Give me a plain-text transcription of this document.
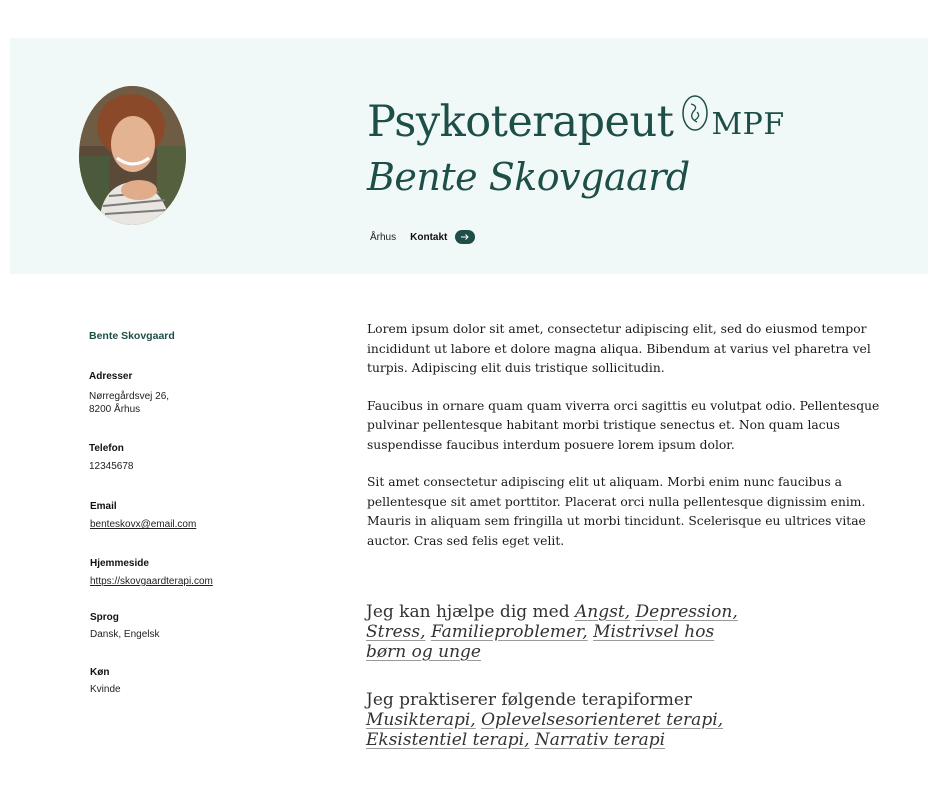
Psykoterapeut MPF
Bente Skovgaard
Århus Kontakt
Bente Skovgaard
Adresser
Nørregårdsvej 26,
8200 Århus
Telefon
12345678
Email
benteskovx@email.com
Hjemmeside
https://skovgaardterapi.com
Sprog
Dansk, Engelsk
Køn
Kvinde

Lorem ipsum dolor sit amet, consectetur adipiscing elit, sed do eiusmod tempor incididunt ut labore et dolore magna aliqua. Bibendum at varius vel pharetra vel turpis. Adipiscing elit duis tristique sollicitudin.

Faucibus in ornare quam quam viverra orci sagittis eu volutpat odio. Pellentesque pulvinar pellentesque habitant morbi tristique senectus et. Non quam lacus suspendisse faucibus interdum posuere lorem ipsum dolor.

Sit amet consectetur adipiscing elit ut aliquam. Morbi enim nunc faucibus a pellentesque sit amet porttitor. Placerat orci nulla pellentesque dignissim enim. Mauris in aliquam sem fringilla ut morbi tincidunt. Scelerisque eu ultrices vitae auctor. Cras sed felis eget velit.

Jeg kan hjælpe dig med Angst, Depression, Stress, Familieproblemer, Mistrivsel hos børn og unge
Jeg praktiserer følgende terapiformer Musikterapi, Oplevelsesorienteret terapi, Eksistentiel terapi, Narrativ terapi
